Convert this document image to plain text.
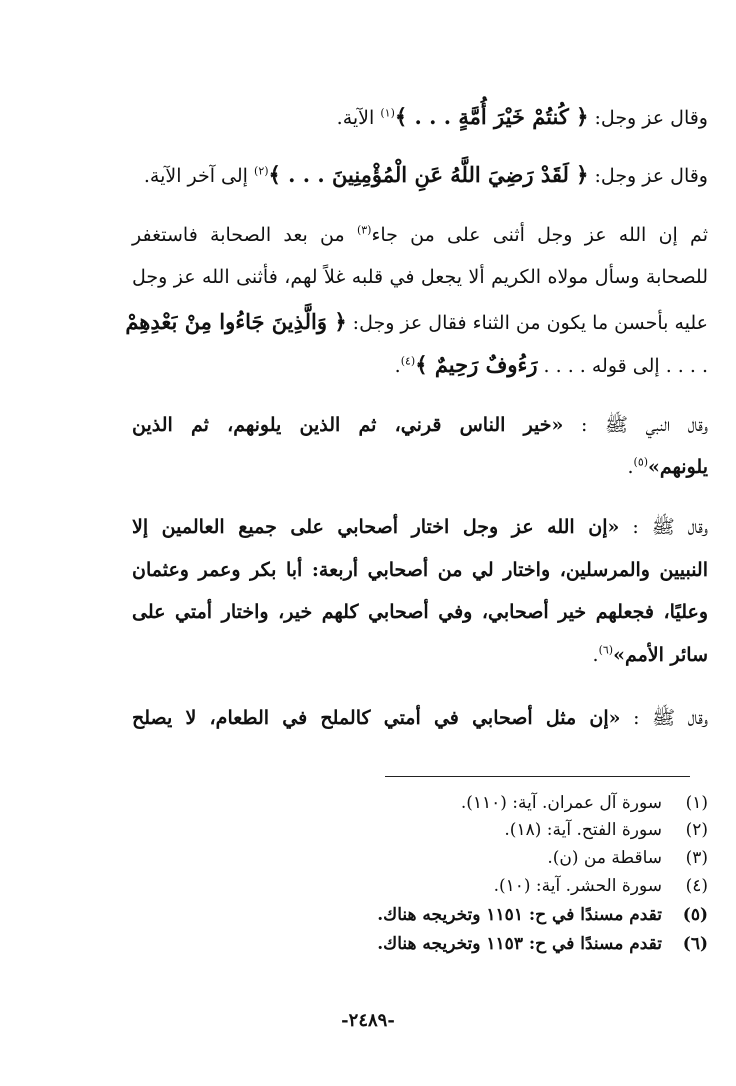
وقال عز وجل: ﴿ كُنتُمْ خَيْرَ أُمَّةٍ . . . ﴾$^{(١)}$ الآية.
وقال عز وجل: ﴿ لَقَدْ رَضِيَ اللَّهُ عَنِ الْمُؤْمِنِينَ . . . ﴾$^{(٢)}$ إلى آخر الآية.
ثم إن الله عز وجل أثنى على من جاء$^{(٣)}$ من بعد الصحابة فاستغفر
للصحابة وسأل مولاه الكريم ألا يجعل في قلبه غلاً لهم، فأثنى الله عز وجل
عليه بأحسن ما يكون من الثناء فقال عز وجل: ﴿ وَالَّذِينَ جَاءُوا مِنْ بَعْدِهِمْ
. . . . إلى قوله . . . . رَءُوفٌ رَحِيمٌ ﴾$^{(٤)}$.
وقال النبي ﷺ : «خير الناس قرني، ثم الذين يلونهم، ثم الذين
يلونهم»$^{(٥)}$.
وقال ﷺ : «إن الله عز وجل اختار أصحابي على جميع العالمين إلا
النبيين والمرسلين، واختار لي من أصحابي أربعة: أبا بكر وعمر وعثمان
وعليًا، فجعلهم خير أصحابي، وفي أصحابي كلهم خير، واختار أمتي على
سائر الأمم»$^{(٦)}$.
وقال ﷺ : «إن مثل أصحابي في أمتي كالملح في الطعام، لا يصلح
(١)سورة آل عمران. آية: (١١٠).
(٢)سورة الفتح. آية: (١٨).
(٣)ساقطة من (ن).
(٤)سورة الحشر. آية: (١٠).
(٥)تقدم مسندًا في ح: ١١٥١ وتخريجه هناك.
(٦)تقدم مسندًا في ح: ١١٥٣ وتخريجه هناك.
-٢٤٨٩-
